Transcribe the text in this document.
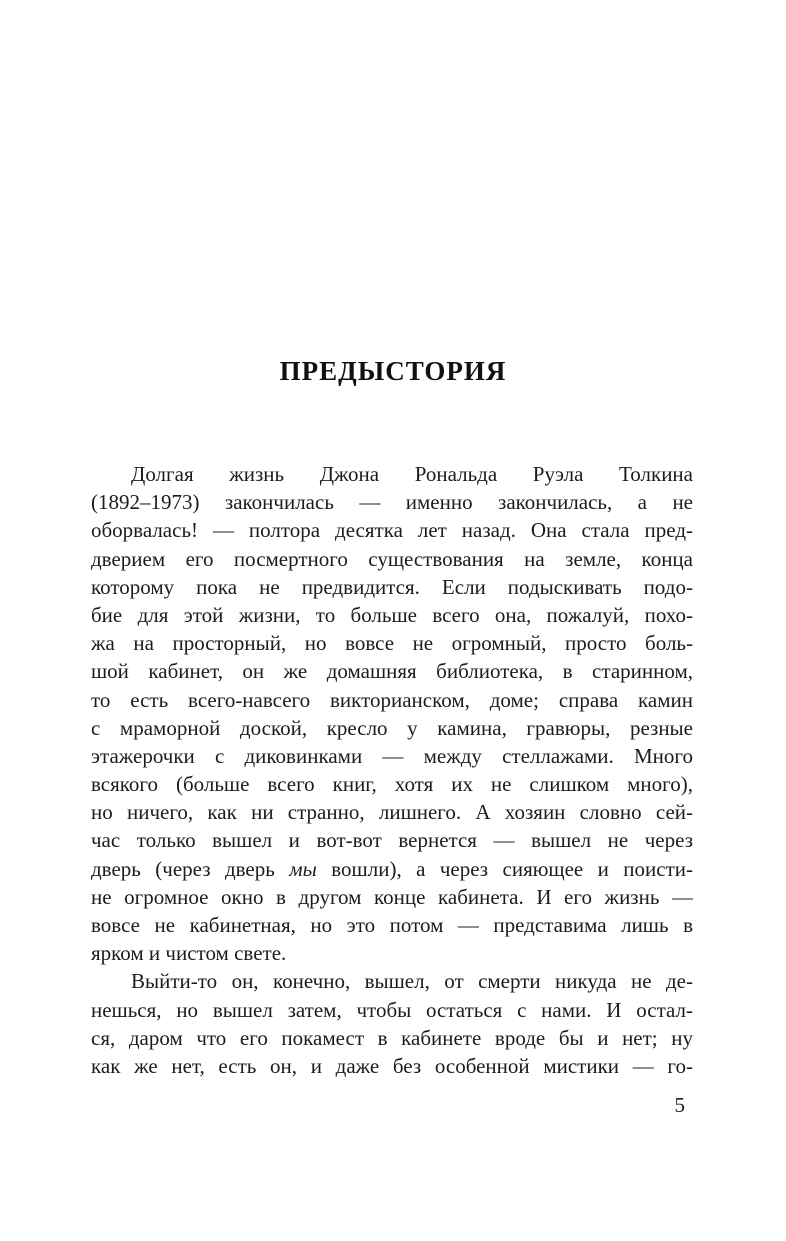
ПРЕДЫСТОРИЯ
Долгая жизнь Джона Рональда Руэла Толкина
(1892–1973) закончилась — именно закончилась, а не
оборвалась! — полтора десятка лет назад. Она стала пред-
дверием его посмертного существования на земле, конца
которому пока не предвидится. Если подыскивать подо-
бие для этой жизни, то больше всего она, пожалуй, похо-
жа на просторный, но вовсе не огромный, просто боль-
шой кабинет, он же домашняя библиотека, в старинном,
то есть всего-навсего викторианском, доме; справа камин
с мраморной доской, кресло у камина, гравюры, резные
этажерочки с диковинками — между стеллажами. Много
всякого (больше всего книг, хотя их не слишком много),
но ничего, как ни странно, лишнего. А хозяин словно сей-
час только вышел и вот-вот вернется — вышел не через
дверь (через дверь мы вошли), а через сияющее и поисти-
не огромное окно в другом конце кабинета. И его жизнь —
вовсе не кабинетная, но это потом — представима лишь в
ярком и чистом свете.
Выйти-то он, конечно, вышел, от смерти никуда не де-
нешься, но вышел затем, чтобы остаться с нами. И остал-
ся, даром что его покамест в кабинете вроде бы и нет; ну
как же нет, есть он, и даже без особенной мистики — го-
5
